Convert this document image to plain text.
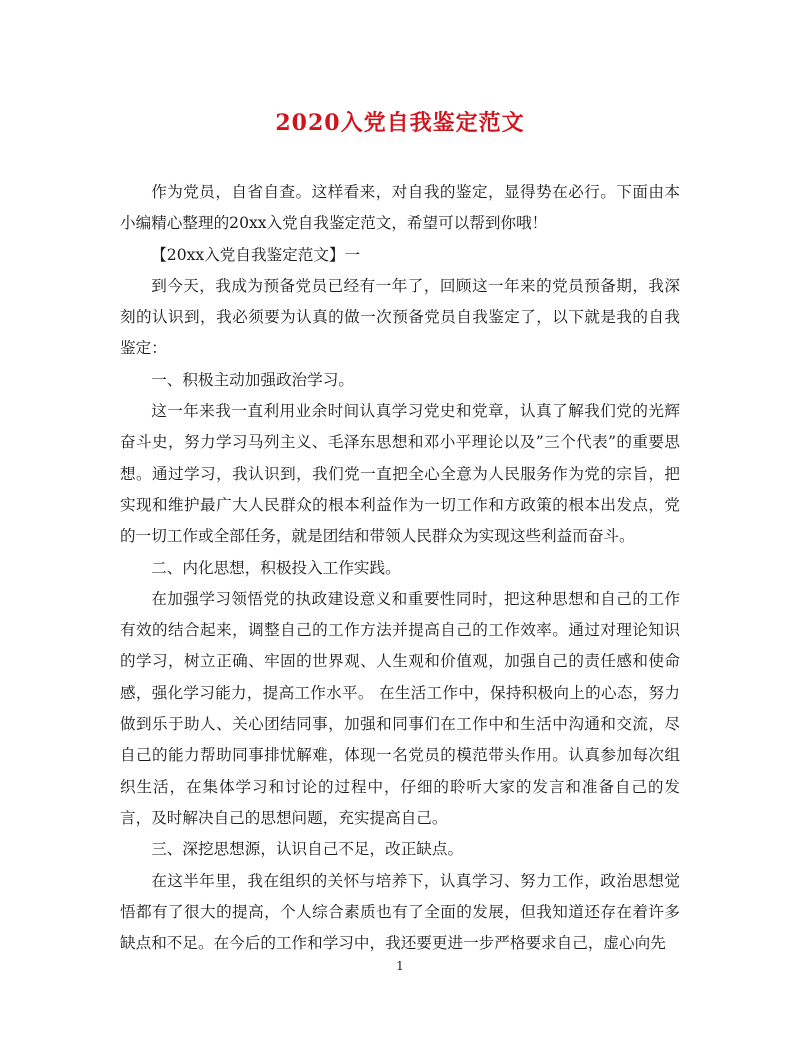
2020入党自我鉴定范文

作为党员，自省自查。这样看来，对自我的鉴定，显得势在必行。下面由本小编精心整理的20xx入党自我鉴定范文，希望可以帮到你哦！

【20xx入党自我鉴定范文】一

到今天，我成为预备党员已经有一年了，回顾这一年来的党员预备期，我深刻的认识到，我必须要为认真的做一次预备党员自我鉴定了，以下就是我的自我鉴定：

一、积极主动加强政治学习。

这一年来我一直利用业余时间认真学习党史和党章，认真了解我们党的光辉奋斗史，努力学习马列主义、毛泽东思想和邓小平理论以及”三个代表”的重要思想。通过学习，我认识到，我们党一直把全心全意为人民服务作为党的宗旨，把实现和维护最广大人民群众的根本利益作为一切工作和方政策的根本出发点，党的一切工作或全部任务，就是团结和带领人民群众为实现这些利益而奋斗。

二、内化思想，积极投入工作实践。

在加强学习领悟党的执政建设意义和重要性同时，把这种思想和自己的工作有效的结合起来，调整自己的工作方法并提高自己的工作效率。通过对理论知识的学习，树立正确、牢固的世界观、人生观和价值观，加强自己的责任感和使命感，强化学习能力，提高工作水平。 在生活工作中，保持积极向上的心态，努力做到乐于助人、关心团结同事，加强和同事们在工作中和生活中沟通和交流，尽自己的能力帮助同事排忧解难，体现一名党员的模范带头作用。认真参加每次组织生活，在集体学习和讨论的过程中，仔细的聆听大家的发言和准备自己的发言，及时解决自己的思想问题，充实提高自己。

三、深挖思想源，认识自己不足，改正缺点。

在这半年里，我在组织的关怀与培养下，认真学习、努力工作，政治思想觉悟都有了很大的提高，个人综合素质也有了全面的发展，但我知道还存在着许多缺点和不足。在今后的工作和学习中，我还要更进一步严格要求自己，虚心向先

1
